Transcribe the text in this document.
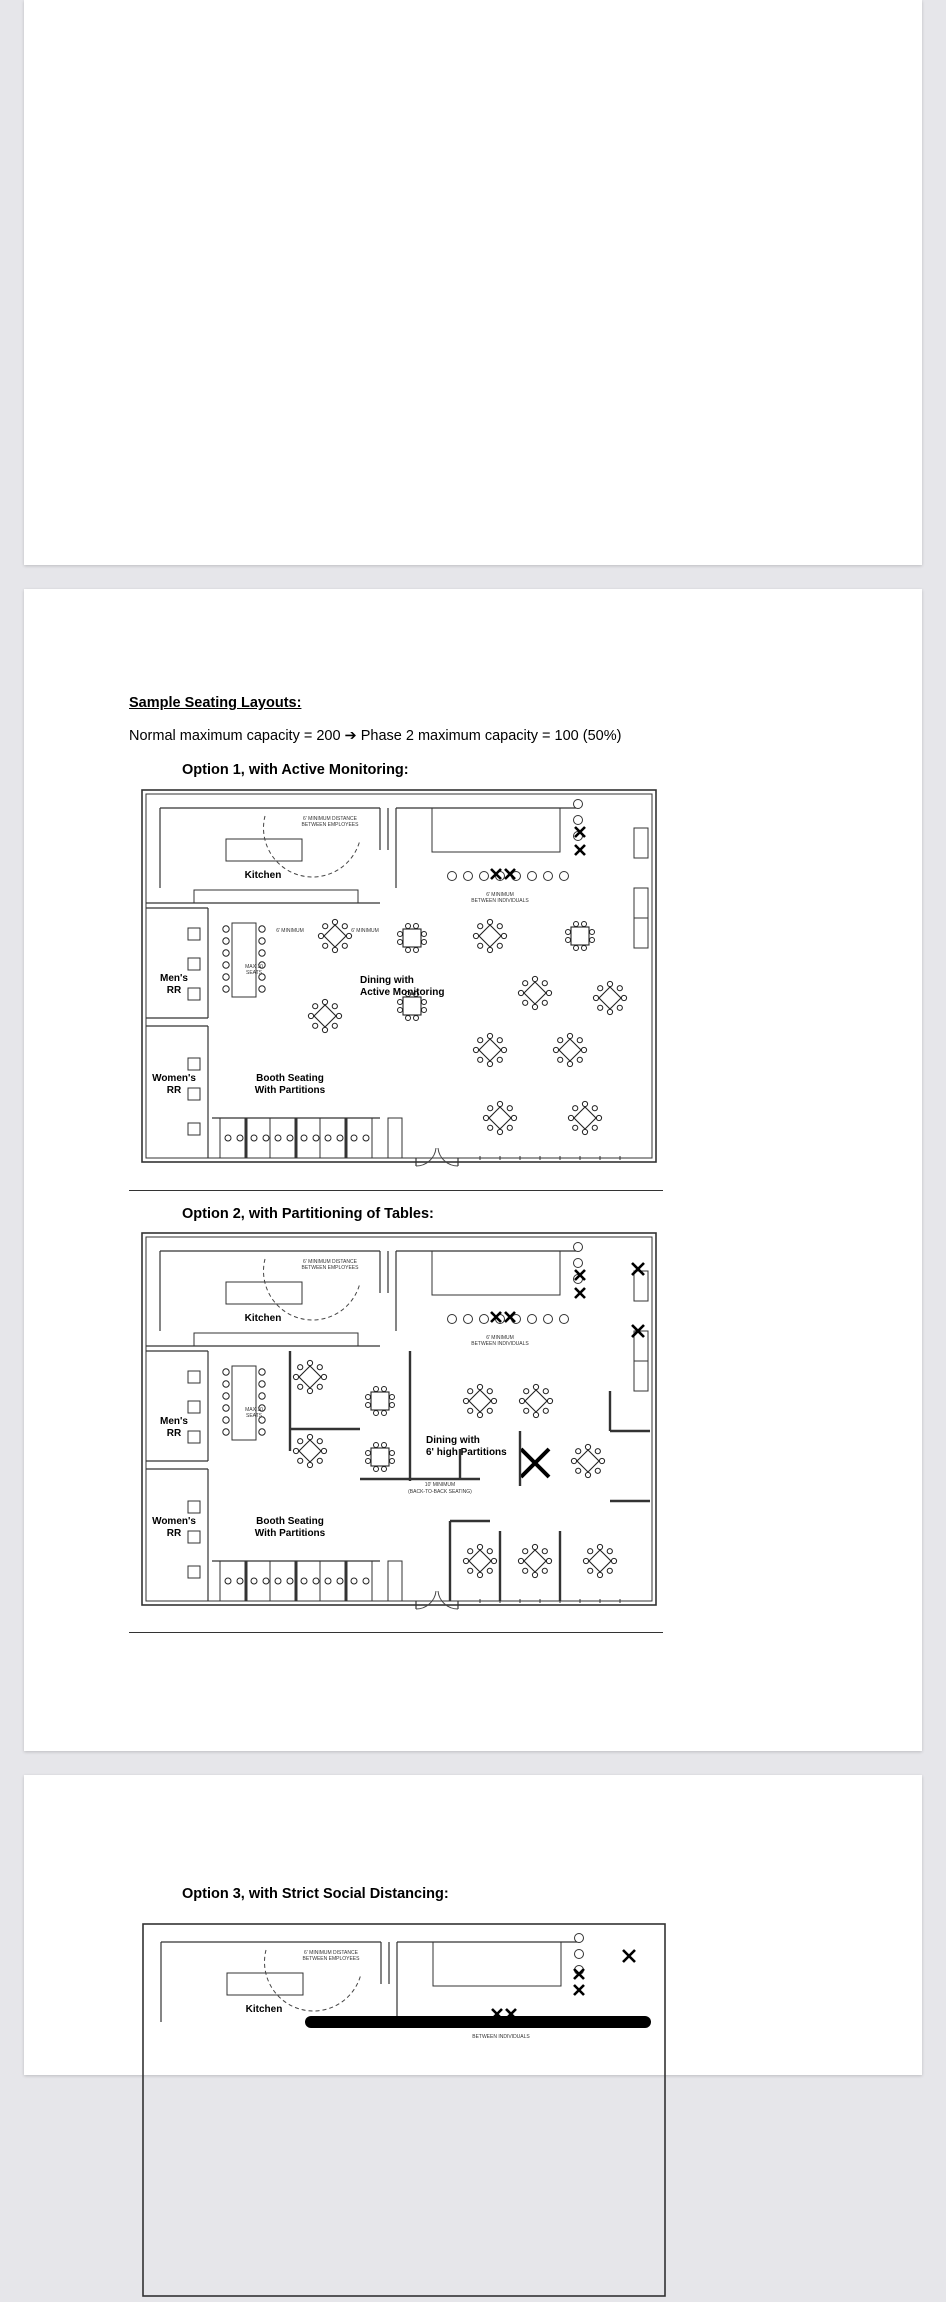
Sample Seating Layouts:
Normal maximum capacity = 200 ➔ Phase 2 maximum capacity = 100 (50%)
Option 1, with Active Monitoring:
6' MINIMUM DISTANCE
BETWEEN EMPLOYEES
Kitchen
6' MINIMUM
BETWEEN INDIVIDUALS
Men's
RR
Women's
RR
MAX 10
SEATS
Booth Seating
With Partitions
Dining with
Active Monitoring
6' MINIMUM	6' MINIMUM
Option 2, with Partitioning of Tables:
6' MINIMUM DISTANCE
BETWEEN EMPLOYEES
Kitchen
6' MINIMUM
BETWEEN INDIVIDUALS
Men's
RR
Women's
RR
MAX 10
SEATS
Booth Seating
With Partitions
Dining with
6' high Partitions
10' MINIMUM
(BACK-TO-BACK SEATING)
Option 3, with Strict Social Distancing:
6' MINIMUM DISTANCE
BETWEEN EMPLOYEES
Kitchen
BETWEEN INDIVIDUALS
